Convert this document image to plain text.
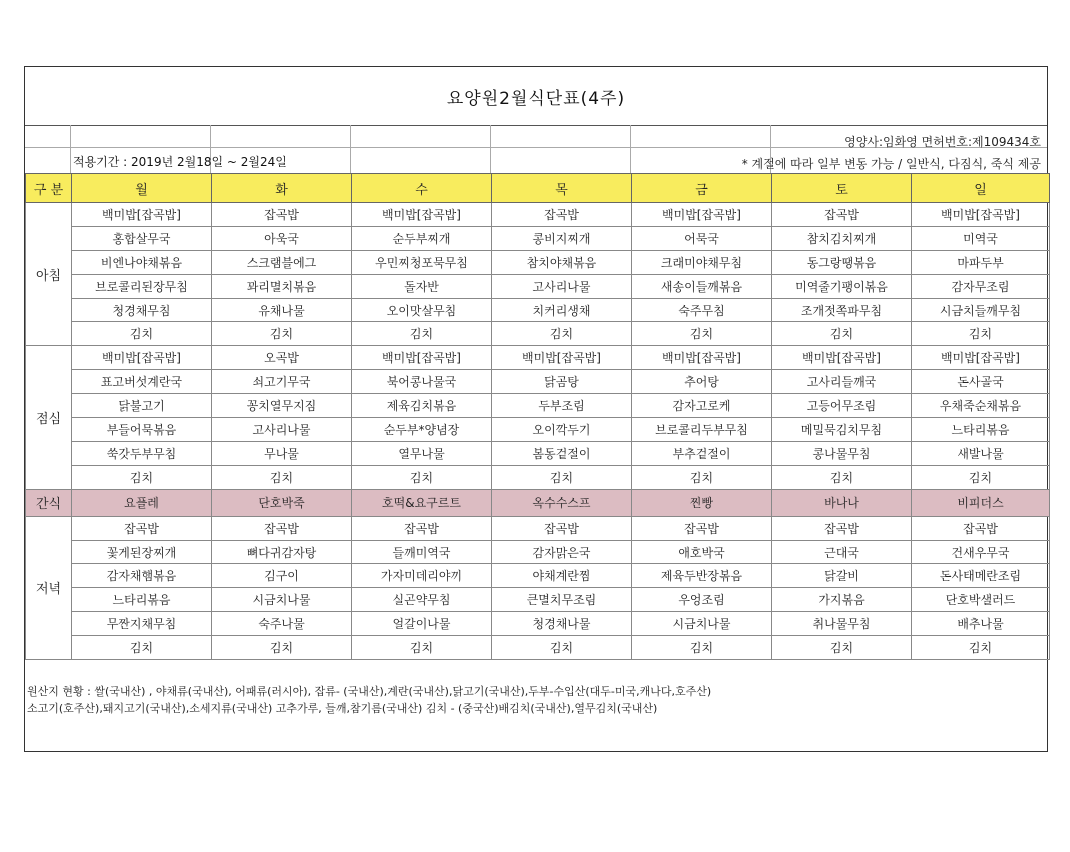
요양원2월식단표(4주)
영양사:임화영 면허번호:제109434호
적용기간 : 2019년 2월18일 ~ 2월24일	* 계절에 따라 일부 변동 가능 / 일반식, 다짐식, 죽식 제공
구 분	월	화	수	목	금	토	일
아침	백미밥[잡곡밥]	잡곡밥	백미밥[잡곡밥]	잡곡밥	백미밥[잡곡밥]	잡곡밥	백미밥[잡곡밥]
	홍합살무국	아욱국	순두부찌개	콩비지찌개	어묵국	참치김치찌개	미역국
	비엔나야채볶음	스크램블에그	우민찌청포묵무침	참치야채볶음	크래미야채무침	동그랑땡볶음	마파두부
	브로콜리된장무침	꽈리멸치볶음	돌자반	고사리나물	새송이들깨볶음	미역줄기팽이볶음	감자무조림
	청경채무침	유채나물	오이맛살무침	치커리생채	숙주무침	조개젓쪽파무침	시금치들깨무침
	김치	김치	김치	김치	김치	김치	김치
점심	백미밥[잡곡밥]	오곡밥	백미밥[잡곡밥]	백미밥[잡곡밥]	백미밥[잡곡밥]	백미밥[잡곡밥]	백미밥[잡곡밥]
	표고버섯계란국	쇠고기무국	북어콩나물국	닭곰탕	추어탕	고사리들깨국	돈사골국
	닭불고기	꽁치열무지짐	제육김치볶음	두부조림	감자고로케	고등어무조림	우채죽순채볶음
	부들어묵볶음	고사리나물	순두부*양념장	오이깍두기	브로콜리두부무침	메밀묵김치무침	느타리볶음
	쑥갓두부무침	무나물	열무나물	봄동겉절이	부추겉절이	콩나물무침	새발나물
	김치	김치	김치	김치	김치	김치	김치
간식	요플레	단호박죽	호떡&요구르트	옥수수스프	찐빵	바나나	비피더스
저녁	잡곡밥	잡곡밥	잡곡밥	잡곡밥	잡곡밥	잡곡밥	잡곡밥
	꽃게된장찌개	뼈다귀감자탕	들깨미역국	감자맑은국	애호박국	근대국	건새우무국
	감자채햄볶음	김구이	가자미데리야끼	야채계란찜	제육두반장볶음	닭갈비	돈사태메란조림
	느타리볶음	시금치나물	실곤약무침	큰멸치무조림	우엉조림	가지볶음	단호박샐러드
	무짠지채무침	숙주나물	얼갈이나물	청경채나물	시금치나물	취나물무침	배추나물
	김치	김치	김치	김치	김치	김치	김치
원산지 현황 : 쌀(국내산) , 야채류(국내산), 어패류(러시아), 잡류- (국내산),계란(국내산),닭고기(국내산),두부-수입산(대두-미국,캐나다,호주산)
소고기(호주산),돼지고기(국내산),소세지류(국내산) 고추가루, 들깨,참기름(국내산) 김치 - (중국산)배김치(국내산),열무김치(국내산)
